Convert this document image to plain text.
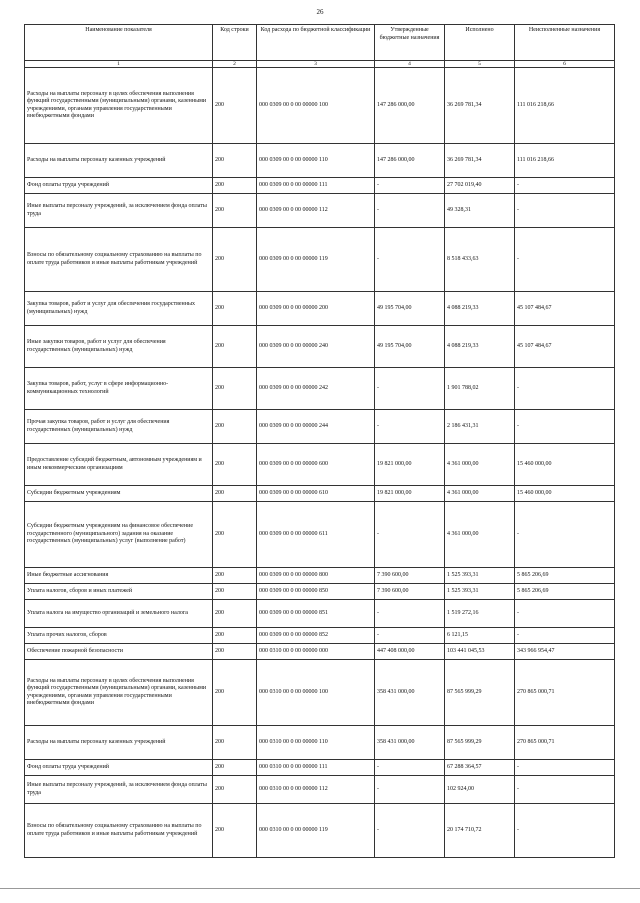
26
Наименование показателя	Код строки	Код расхода по бюджетной классификации	Утвержденные бюджетные назначения	Исполнено	Неисполненные назначения
1	2	3	4	5	6
Расходы на выплаты персоналу в целях обеспечения выполнения функций государственными (муниципальными) органами, казенными учреждениями, органами управления государственными внебюджетными фондами	200	000 0309 00 0 00 00000 100	147 286 000,00	36 269 781,34	111 016 218,66
Расходы на выплаты персоналу казенных учреждений	200	000 0309 00 0 00 00000 110	147 286 000,00	36 269 781,34	111 016 218,66
Фонд оплаты труда учреждений	200	000 0309 00 0 00 00000 111	-	27 702 019,40	-
Иные выплаты персоналу учреждений, за исключением фонда оплаты труда	200	000 0309 00 0 00 00000 112	-	49 328,31	-
Взносы по обязательному социальному страхованию на выплаты по оплате труда работников и иные выплаты работникам учреждений	200	000 0309 00 0 00 00000 119	-	8 518 433,63	-
Закупка товаров, работ и услуг для обеспечения государственных (муниципальных) нужд	200	000 0309 00 0 00 00000 200	49 195 704,00	4 088 219,33	45 107 484,67
Иные закупки товаров, работ и услуг для обеспечения государственных (муниципальных) нужд	200	000 0309 00 0 00 00000 240	49 195 704,00	4 088 219,33	45 107 484,67
Закупка товаров, работ, услуг в сфере информационно-коммуникационных технологий	200	000 0309 00 0 00 00000 242	-	1 901 788,02	-
Прочая закупка товаров, работ и услуг для обеспечения государственных (муниципальных) нужд	200	000 0309 00 0 00 00000 244	-	2 186 431,31	-
Предоставление субсидий бюджетным, автономным учреждениям и иным некоммерческим организациям	200	000 0309 00 0 00 00000 600	19 821 000,00	4 361 000,00	15 460 000,00
Субсидии бюджетным учреждениям	200	000 0309 00 0 00 00000 610	19 821 000,00	4 361 000,00	15 460 000,00
Субсидии бюджетным учреждениям на финансовое обеспечение государственного (муниципального) задания на оказание государственных (муниципальных) услуг (выполнение работ)	200	000 0309 00 0 00 00000 611	-	4 361 000,00	-
Иные бюджетные ассигнования	200	000 0309 00 0 00 00000 800	7 390 600,00	1 525 393,31	5 865 206,69
Уплата налогов, сборов и иных платежей	200	000 0309 00 0 00 00000 850	7 390 600,00	1 525 393,31	5 865 206,69
Уплата налога на имущество организаций и земельного налога	200	000 0309 00 0 00 00000 851	-	1 519 272,16	-
Уплата прочих налогов, сборов	200	000 0309 00 0 00 00000 852	-	6 121,15	-
Обеспечение пожарной безопасности	200	000 0310 00 0 00 00000 000	447 408 000,00	103 441 045,53	343 966 954,47
Расходы на выплаты персоналу в целях обеспечения выполнения функций государственными (муниципальными) органами, казенными учреждениями, органами управления государственными внебюджетными фондами	200	000 0310 00 0 00 00000 100	358 431 000,00	87 565 999,29	270 865 000,71
Расходы на выплаты персоналу казенных учреждений	200	000 0310 00 0 00 00000 110	358 431 000,00	87 565 999,29	270 865 000,71
Фонд оплаты труда учреждений	200	000 0310 00 0 00 00000 111	-	67 288 364,57	-
Иные выплаты персоналу учреждений, за исключением фонда оплаты труда	200	000 0310 00 0 00 00000 112	-	102 924,00	-
Взносы по обязательному социальному страхованию на выплаты по оплате труда работников и иные выплаты работникам учреждений	200	000 0310 00 0 00 00000 119	-	20 174 710,72	-
